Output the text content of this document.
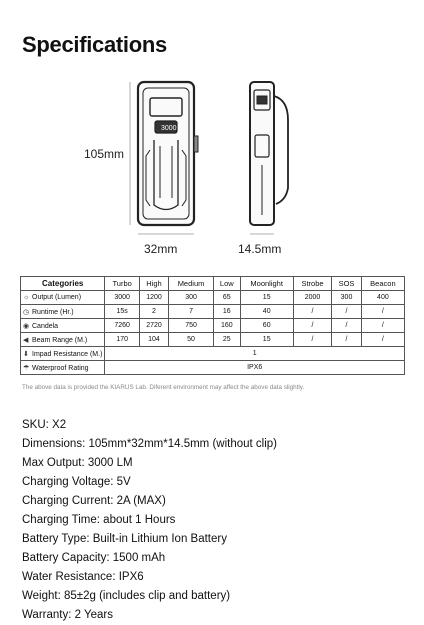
Specifications
3000
105mm
32mm	14.5mm
Categories	Turbo	High	Medium	Low	Moonlight	Strobe	SOS	Beacon
☼ Output (Lumen)	3000	1200	300	65	15	2000	300	400
◷ Runtime (Hr.)	15s	2	7	16	40	/	/	/
◉ Candela	7260	2720	750	160	60	/	/	/
◀ Beam Range (M.)	170	104	50	25	15	/	/	/
⬇ Impad Resistance (M.)	1							
☂ Waterproof Rating	IPX6							
The above data is provided the KIARUS Lab. Diferent environment may affect the above data slightly.
SKU: X2
Dimensions: 105mm*32mm*14.5mm (without clip)
Max Output: 3000 LM
Charging Voltage: 5V
Charging Current: 2A (MAX)
Charging Time: about 1 Hours
Battery Type: Built-in Lithium Ion Battery
Battery Capacity: 1500 mAh
Water Resistance: IPX6
Weight: 85±2g (includes clip and battery)
Warranty: 2 Years
